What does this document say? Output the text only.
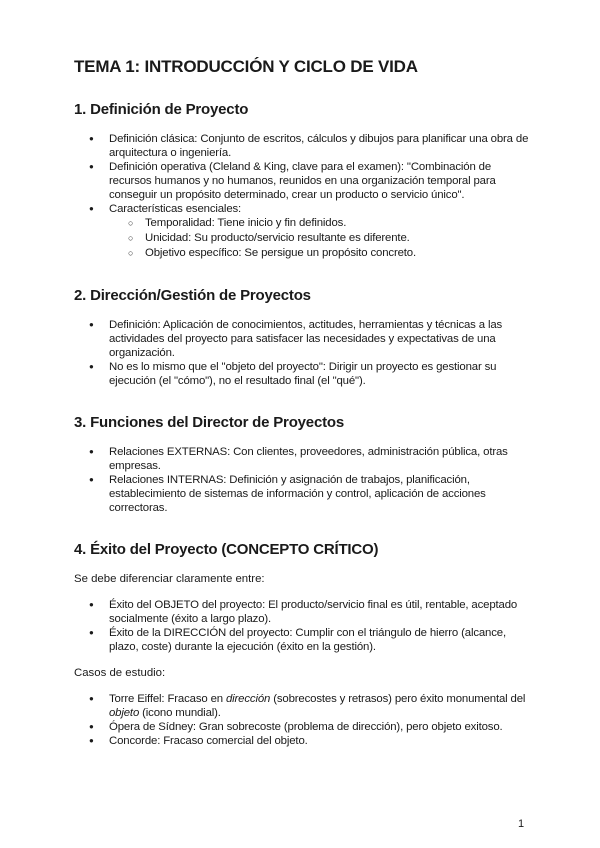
TEMA 1: INTRODUCCIÓN Y CICLO DE VIDA
1. Definición de Proyecto
● Definición clásica: Conjunto de escritos, cálculos y dibujos para planificar una obra de arquitectura o ingeniería.
● Definición operativa (Cleland & King, clave para el examen): "Combinación de recursos humanos y no humanos, reunidos en una organización temporal para conseguir un propósito determinado, crear un producto o servicio único".
● Características esenciales:
○ Temporalidad: Tiene inicio y fin definidos.
○ Unicidad: Su producto/servicio resultante es diferente.
○ Objetivo específico: Se persigue un propósito concreto.
2. Dirección/Gestión de Proyectos
● Definición: Aplicación de conocimientos, actitudes, herramientas y técnicas a las actividades del proyecto para satisfacer las necesidades y expectativas de una organización.
● No es lo mismo que el "objeto del proyecto": Dirigir un proyecto es gestionar su ejecución (el "cómo"), no el resultado final (el "qué").
3. Funciones del Director de Proyectos
● Relaciones EXTERNAS: Con clientes, proveedores, administración pública, otras empresas.
● Relaciones INTERNAS: Definición y asignación de trabajos, planificación, establecimiento de sistemas de información y control, aplicación de acciones correctoras.
4. Éxito del Proyecto (CONCEPTO CRÍTICO)

Se debe diferenciar claramente entre:

● Éxito del OBJETO del proyecto: El producto/servicio final es útil, rentable, aceptado socialmente (éxito a largo plazo).
● Éxito de la DIRECCIÓN del proyecto: Cumplir con el triángulo de hierro (alcance, plazo, coste) durante la ejecución (éxito en la gestión).

Casos de estudio:

● Torre Eiffel: Fracaso en dirección (sobrecostes y retrasos) pero éxito monumental del objeto (icono mundial).
● Ópera de Sídney: Gran sobrecoste (problema de dirección), pero objeto exitoso.
● Concorde: Fracaso comercial del objeto.

1
